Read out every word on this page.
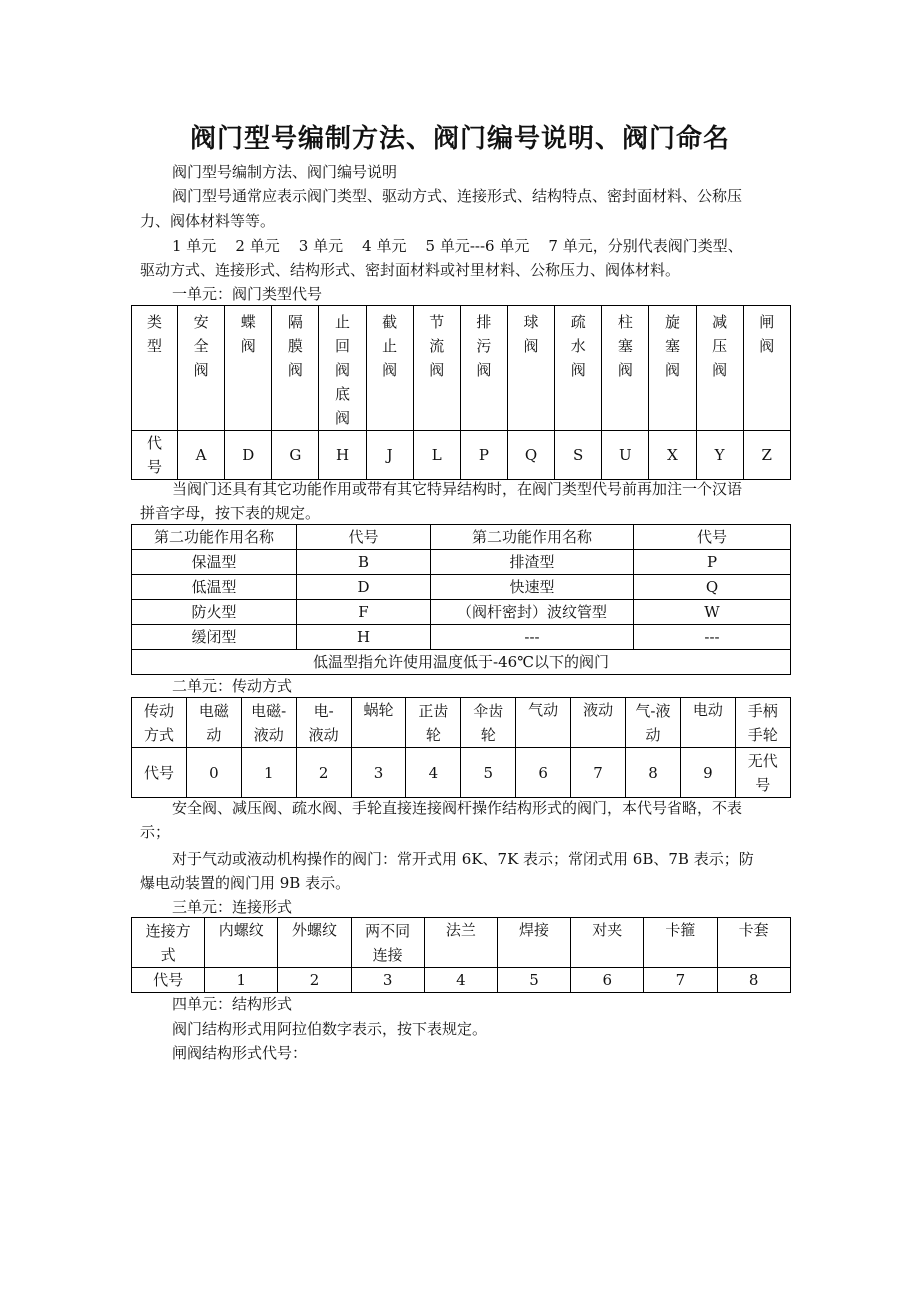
阀门型号编制方法、阀门编号说明、阀门命名
阀门型号编制方法、阀门编号说明
阀门型号通常应表示阀门类型、驱动方式、连接形式、结构特点、密封面材料、公称压
力、阀体材料等等。
1 单元    2 单元    3 单元    4 单元    5 单元---6 单元    7 单元，分别代表阀门类型、
驱动方式、连接形式、结构形式、密封面材料或衬里材料、公称压力、阀体材料。
一单元：阀门类型代号
类型	安全阀	蝶阀	隔膜阀	止回阀底阀	截止阀	节流阀	排污阀	球阀	疏水阀	柱塞阀	旋塞阀	减压阀	闸阀
代号	A	D	G	H	J	L	P	Q	S	U	X	Y	Z
当阀门还具有其它功能作用或带有其它特异结构时，在阀门类型代号前再加注一个汉语
拼音字母，按下表的规定。
第二功能作用名称	代号	第二功能作用名称	代号
保温型	B	排渣型	P
低温型	D	快速型	Q
防火型	F	（阀杆密封）波纹管型	W
缓闭型	H	---	---
低温型指允许使用温度低于-46℃以下的阀门			
二单元：传动方式
传动方式	电磁动	电磁-液动	电-液动	蜗轮	正齿轮	伞齿轮	气动	液动	气-液动	电动	手柄手轮
代号	0	1	2	3	4	5	6	7	8	9	无代号
安全阀、减压阀、疏水阀、手轮直接连接阀杆操作结构形式的阀门，本代号省略，不表
示；
对于气动或液动机构操作的阀门：常开式用 6K、7K 表示；常闭式用 6B、7B 表示；防
爆电动装置的阀门用 9B 表示。
三单元：连接形式
连接方式	内螺纹	外螺纹	两不同连接	法兰	焊接	对夹	卡箍	卡套
代号	1	2	3	4	5	6	7	8
四单元：结构形式
阀门结构形式用阿拉伯数字表示，按下表规定。
闸阀结构形式代号：
